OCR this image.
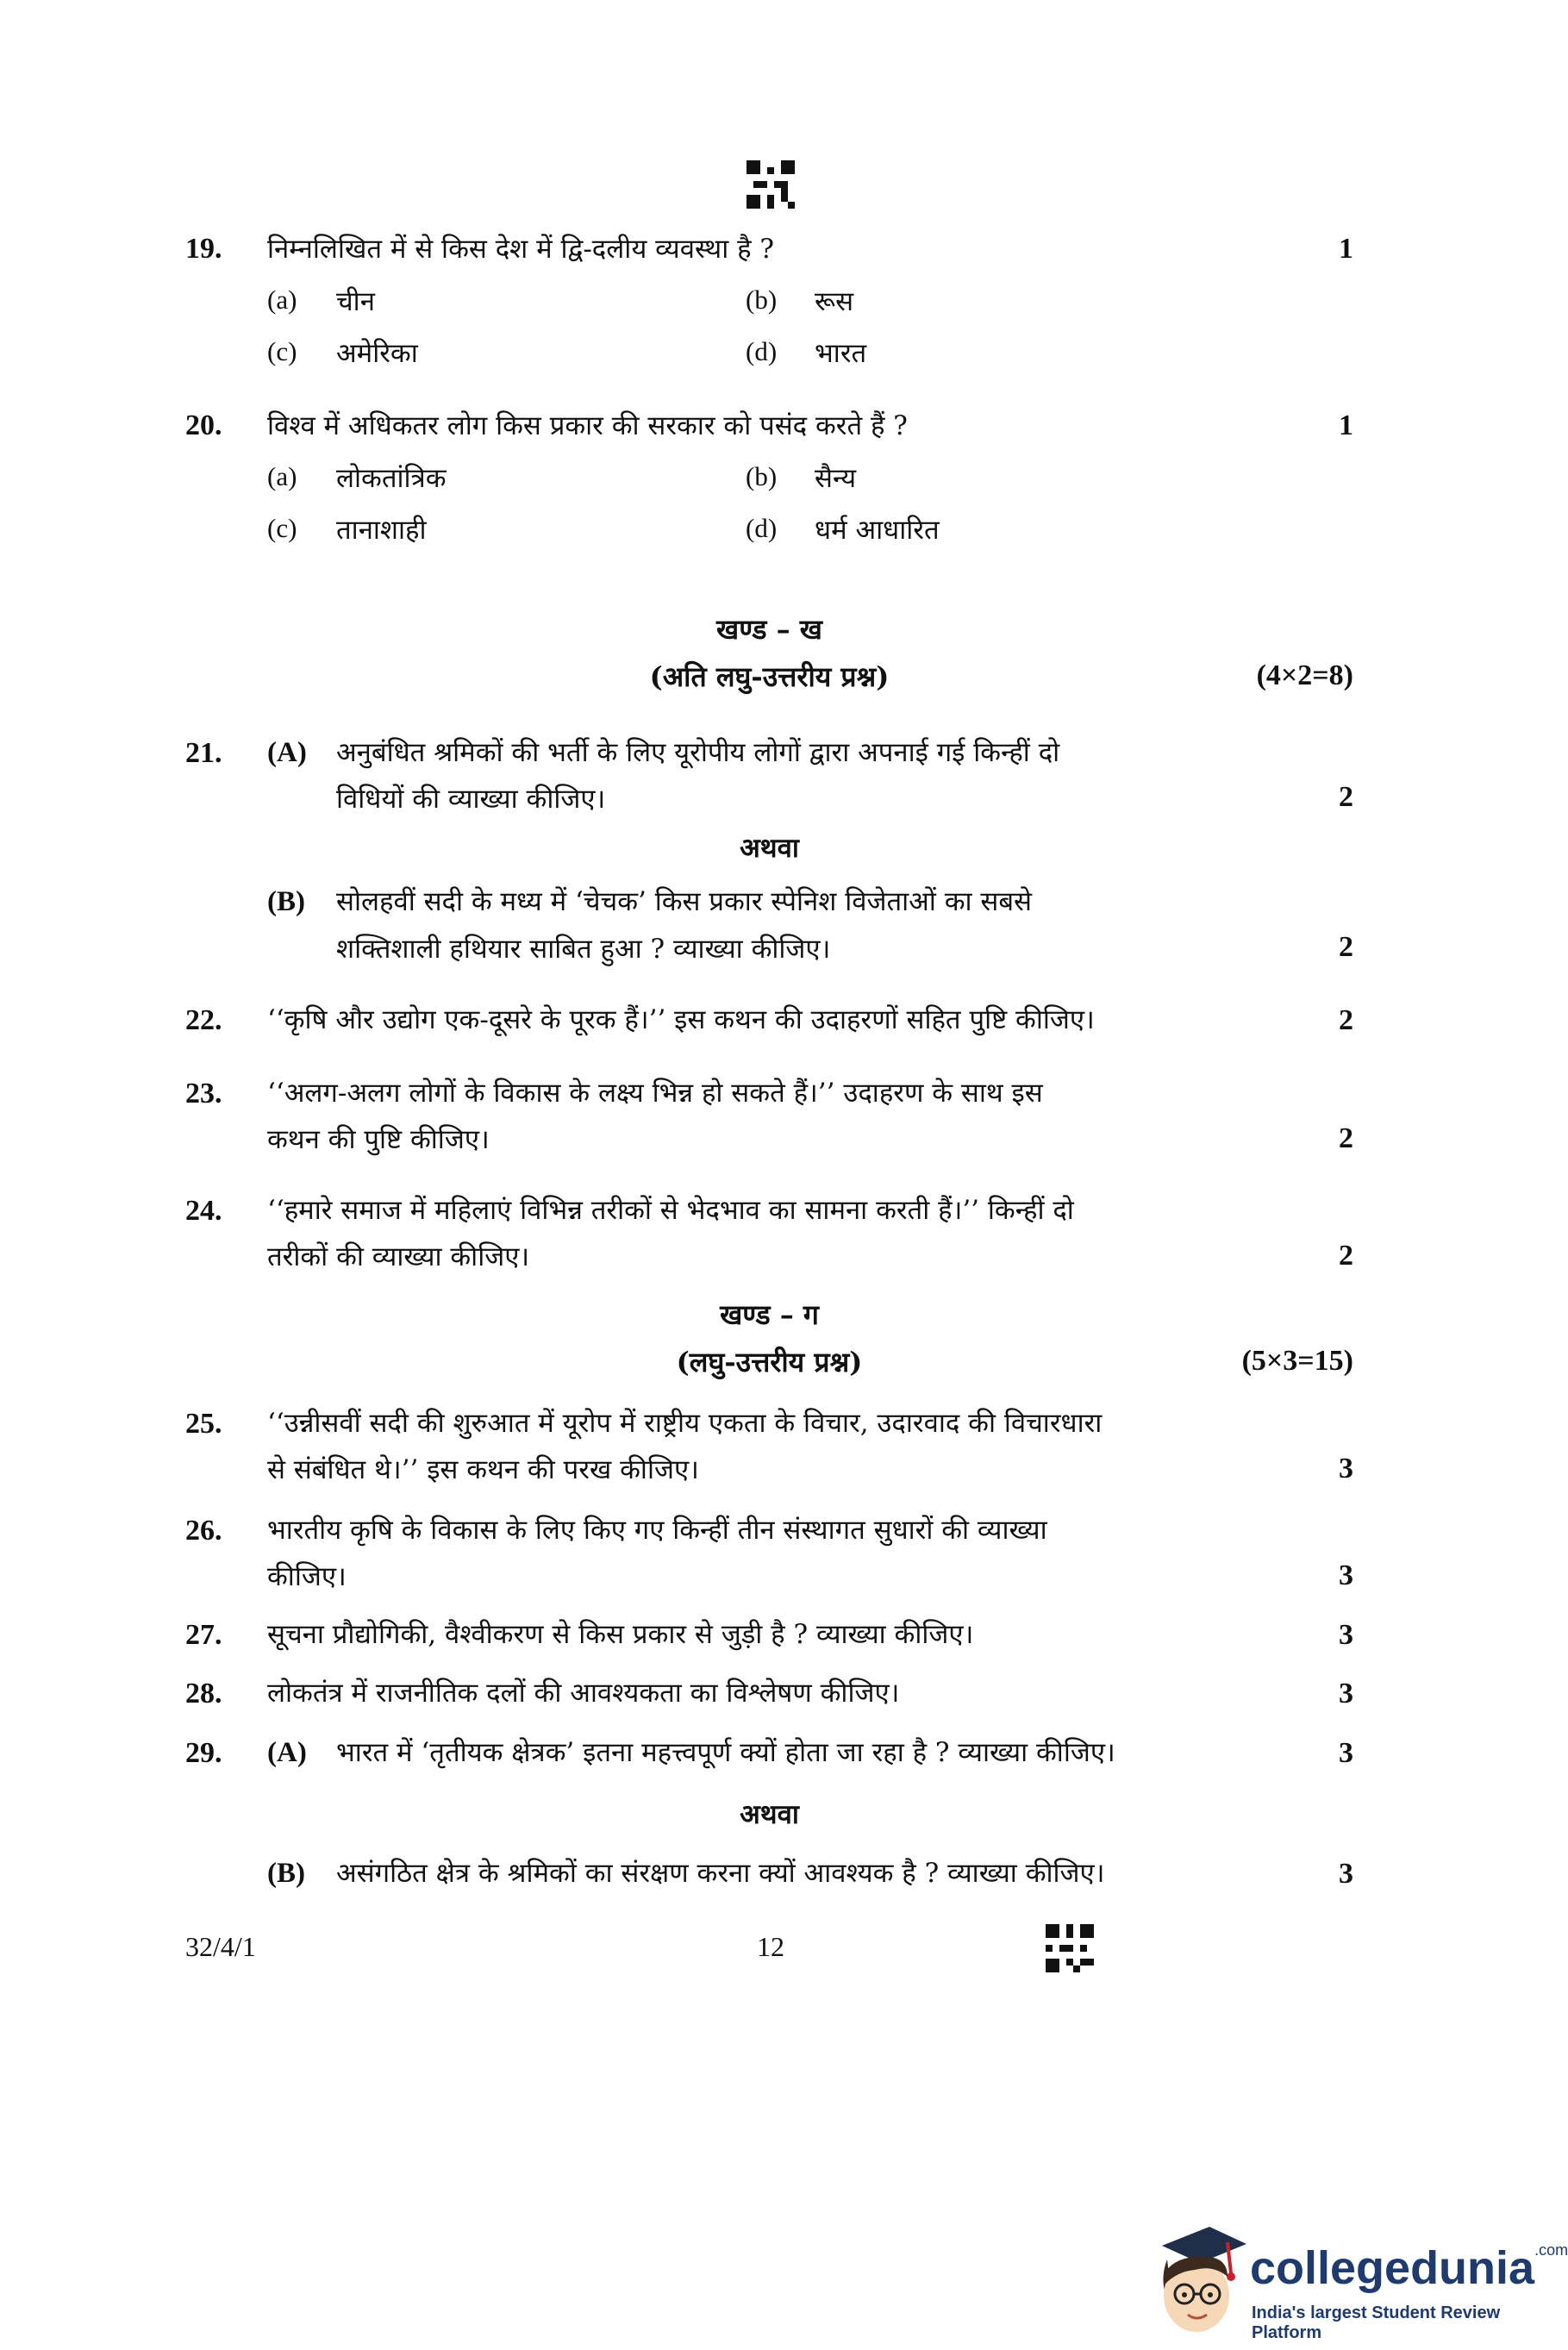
19. निम्नलिखित में से किस देश में द्वि-दलीय व्यवस्था है ?	1
(a) चीन	(b) रूस
(c) अमेरिका	(d) भारत
20. विश्व में अधिकतर लोग किस प्रकार की सरकार को पसंद करते हैं ?	1
(a) लोकतांत्रिक	(b) सैन्य
(c) तानाशाही	(d) धर्म आधारित
खण्ड – ख
(अति लघु-उत्तरीय प्रश्न)	(4×2=8)
21. (A) अनुबंधित श्रमिकों की भर्ती के लिए यूरोपीय लोगों द्वारा अपनाई गई किन्हीं दो
विधियों की व्याख्या कीजिए।	2
अथवा
(B) सोलहवीं सदी के मध्य में ‘चेचक’ किस प्रकार स्पेनिश विजेताओं का सबसे
शक्तिशाली हथियार साबित हुआ ? व्याख्या कीजिए।	2
22. ‘‘कृषि और उद्योग एक-दूसरे के पूरक हैं।’’ इस कथन की उदाहरणों सहित पुष्टि कीजिए।	2
23. ‘‘अलग-अलग लोगों के विकास के लक्ष्य भिन्न हो सकते हैं।’’ उदाहरण के साथ इस
कथन की पुष्टि कीजिए।	2
24. ‘‘हमारे समाज में महिलाएं विभिन्न तरीकों से भेदभाव का सामना करती हैं।’’ किन्हीं दो
तरीकों की व्याख्या कीजिए।	2
खण्ड – ग
(लघु-उत्तरीय प्रश्न)	(5×3=15)
25. ‘‘उन्नीसवीं सदी की शुरुआत में यूरोप में राष्ट्रीय एकता के विचार, उदारवाद की विचारधारा
से संबंधित थे।’’ इस कथन की परख कीजिए।	3
26. भारतीय कृषि के विकास के लिए किए गए किन्हीं तीन संस्थागत सुधारों की व्याख्या
कीजिए।	3
27. सूचना प्रौद्योगिकी, वैश्वीकरण से किस प्रकार से जुड़ी है ? व्याख्या कीजिए।	3
28. लोकतंत्र में राजनीतिक दलों की आवश्यकता का विश्लेषण कीजिए।	3
29. (A) भारत में ‘तृतीयक क्षेत्रक’ इतना महत्त्वपूर्ण क्यों होता जा रहा है ? व्याख्या कीजिए।	3
अथवा
(B) असंगठित क्षेत्र के श्रमिकों का संरक्षण करना क्यों आवश्यक है ? व्याख्या कीजिए।	3
32/4/1	12
collegedunia$^{.com}$
India's largest Student Review Platform
